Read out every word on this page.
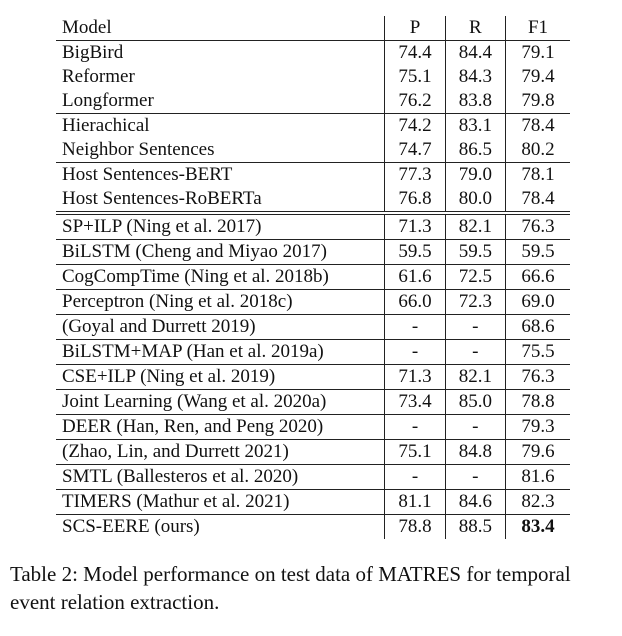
Model	P	R	F1
BigBird	74.4	84.4	79.1
Reformer	75.1	84.3	79.4
Longformer	76.2	83.8	79.8
Hierachical	74.2	83.1	78.4
Neighbor Sentences	74.7	86.5	80.2
Host Sentences-BERT	77.3	79.0	78.1
Host Sentences-RoBERTa	76.8	80.0	78.4
SP+ILP (Ning et al. 2017)	71.3	82.1	76.3
BiLSTM (Cheng and Miyao 2017)	59.5	59.5	59.5
CogCompTime (Ning et al. 2018b)	61.6	72.5	66.6
Perceptron (Ning et al. 2018c)	66.0	72.3	69.0
(Goyal and Durrett 2019)	-	-	68.6
BiLSTM+MAP (Han et al. 2019a)	-	-	75.5
CSE+ILP (Ning et al. 2019)	71.3	82.1	76.3
Joint Learning (Wang et al. 2020a)	73.4	85.0	78.8
DEER (Han, Ren, and Peng 2020)	-	-	79.3
(Zhao, Lin, and Durrett 2021)	75.1	84.8	79.6
SMTL (Ballesteros et al. 2020)	-	-	81.6
TIMERS (Mathur et al. 2021)	81.1	84.6	82.3
SCS-EERE (ours)	78.8	88.5	83.4
Table 2: Model performance on test data of MATRES for temporal event relation extraction.
